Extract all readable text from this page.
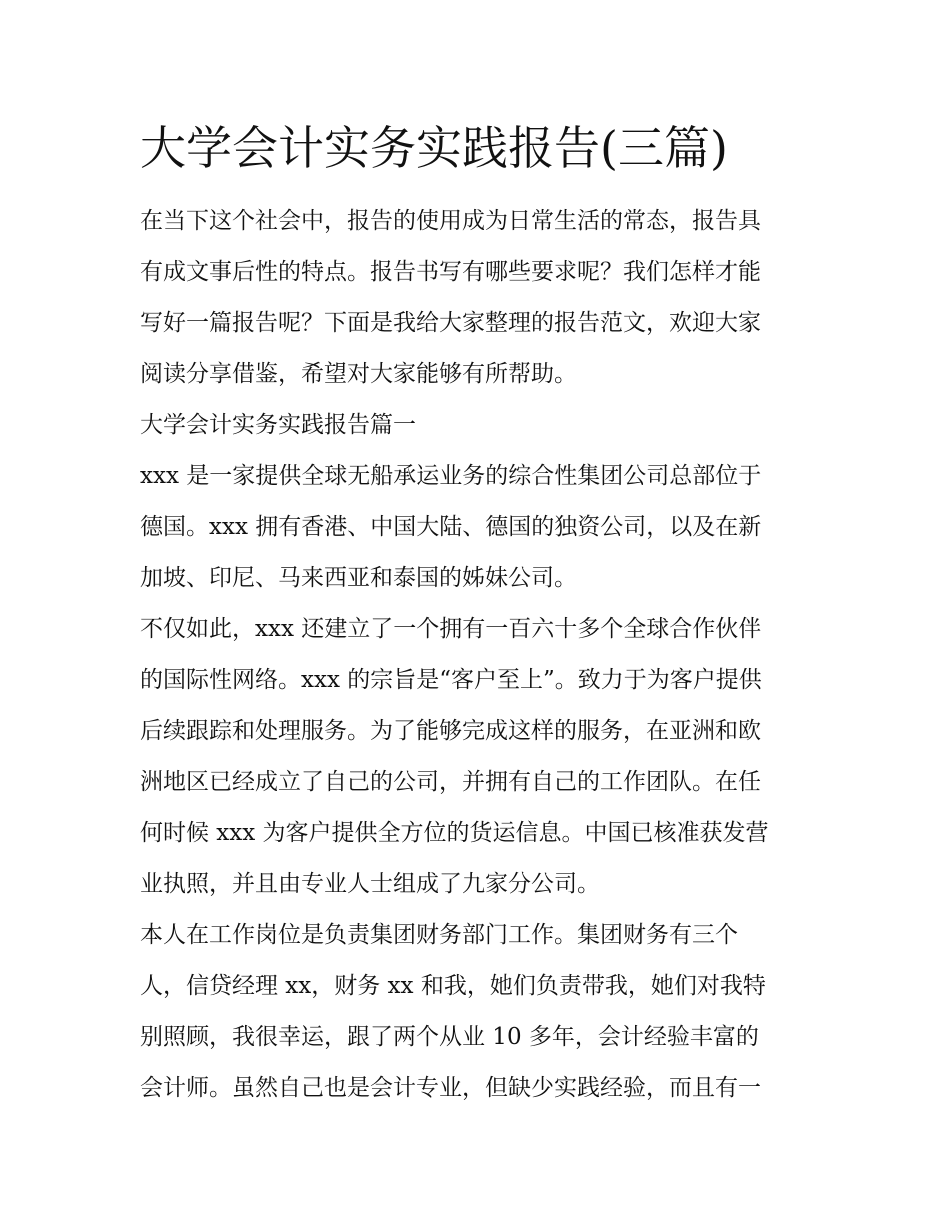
大学会计实务实践报告(三篇)
在当下这个社会中，报告的使用成为日常生活的常态，报告具
有成文事后性的特点。报告书写有哪些要求呢？我们怎样才能
写好一篇报告呢？下面是我给大家整理的报告范文，欢迎大家
阅读分享借鉴，希望对大家能够有所帮助。
大学会计实务实践报告篇一
xxx 是一家提供全球无船承运业务的综合性集团公司总部位于
德国。xxx 拥有香港、中国大陆、德国的独资公司，以及在新
加坡、印尼、马来西亚和泰国的姊妹公司。
不仅如此，xxx 还建立了一个拥有一百六十多个全球合作伙伴
的国际性网络。xxx 的宗旨是“客户至上”。致力于为客户提供
后续跟踪和处理服务。为了能够完成这样的服务，在亚洲和欧
洲地区已经成立了自己的公司，并拥有自己的工作团队。在任
何时候 xxx 为客户提供全方位的货运信息。中国已核准获发营
业执照，并且由专业人士组成了九家分公司。
本人在工作岗位是负责集团财务部门工作。集团财务有三个
人，信贷经理 xx，财务 xx 和我，她们负责带我，她们对我特
别照顾，我很幸运，跟了两个从业 10 多年，会计经验丰富的
会计师。虽然自己也是会计专业，但缺少实践经验，而且有一
